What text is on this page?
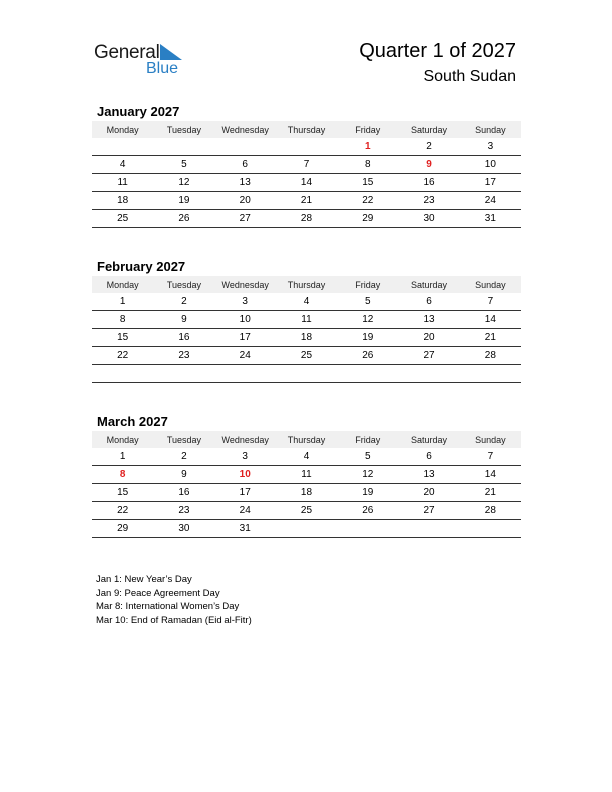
General
Blue
Quarter 1 of 2027
South Sudan
January 2027
Monday	Tuesday	Wednesday	Thursday	Friday	Saturday	Sunday
				1	2	3
4	5	6	7	8	9	10
11	12	13	14	15	16	17
18	19	20	21	22	23	24
25	26	27	28	29	30	31
February 2027
Monday	Tuesday	Wednesday	Thursday	Friday	Saturday	Sunday
1	2	3	4	5	6	7
8	9	10	11	12	13	14
15	16	17	18	19	20	21
22	23	24	25	26	27	28

March 2027
Monday	Tuesday	Wednesday	Thursday	Friday	Saturday	Sunday
1	2	3	4	5	6	7
8	9	10	11	12	13	14
15	16	17	18	19	20	21
22	23	24	25	26	27	28
29	30	31				
Jan 1: New Year’s Day
Jan 9: Peace Agreement Day
Mar 8: International Women’s Day
Mar 10: End of Ramadan (Eid al-Fitr)
